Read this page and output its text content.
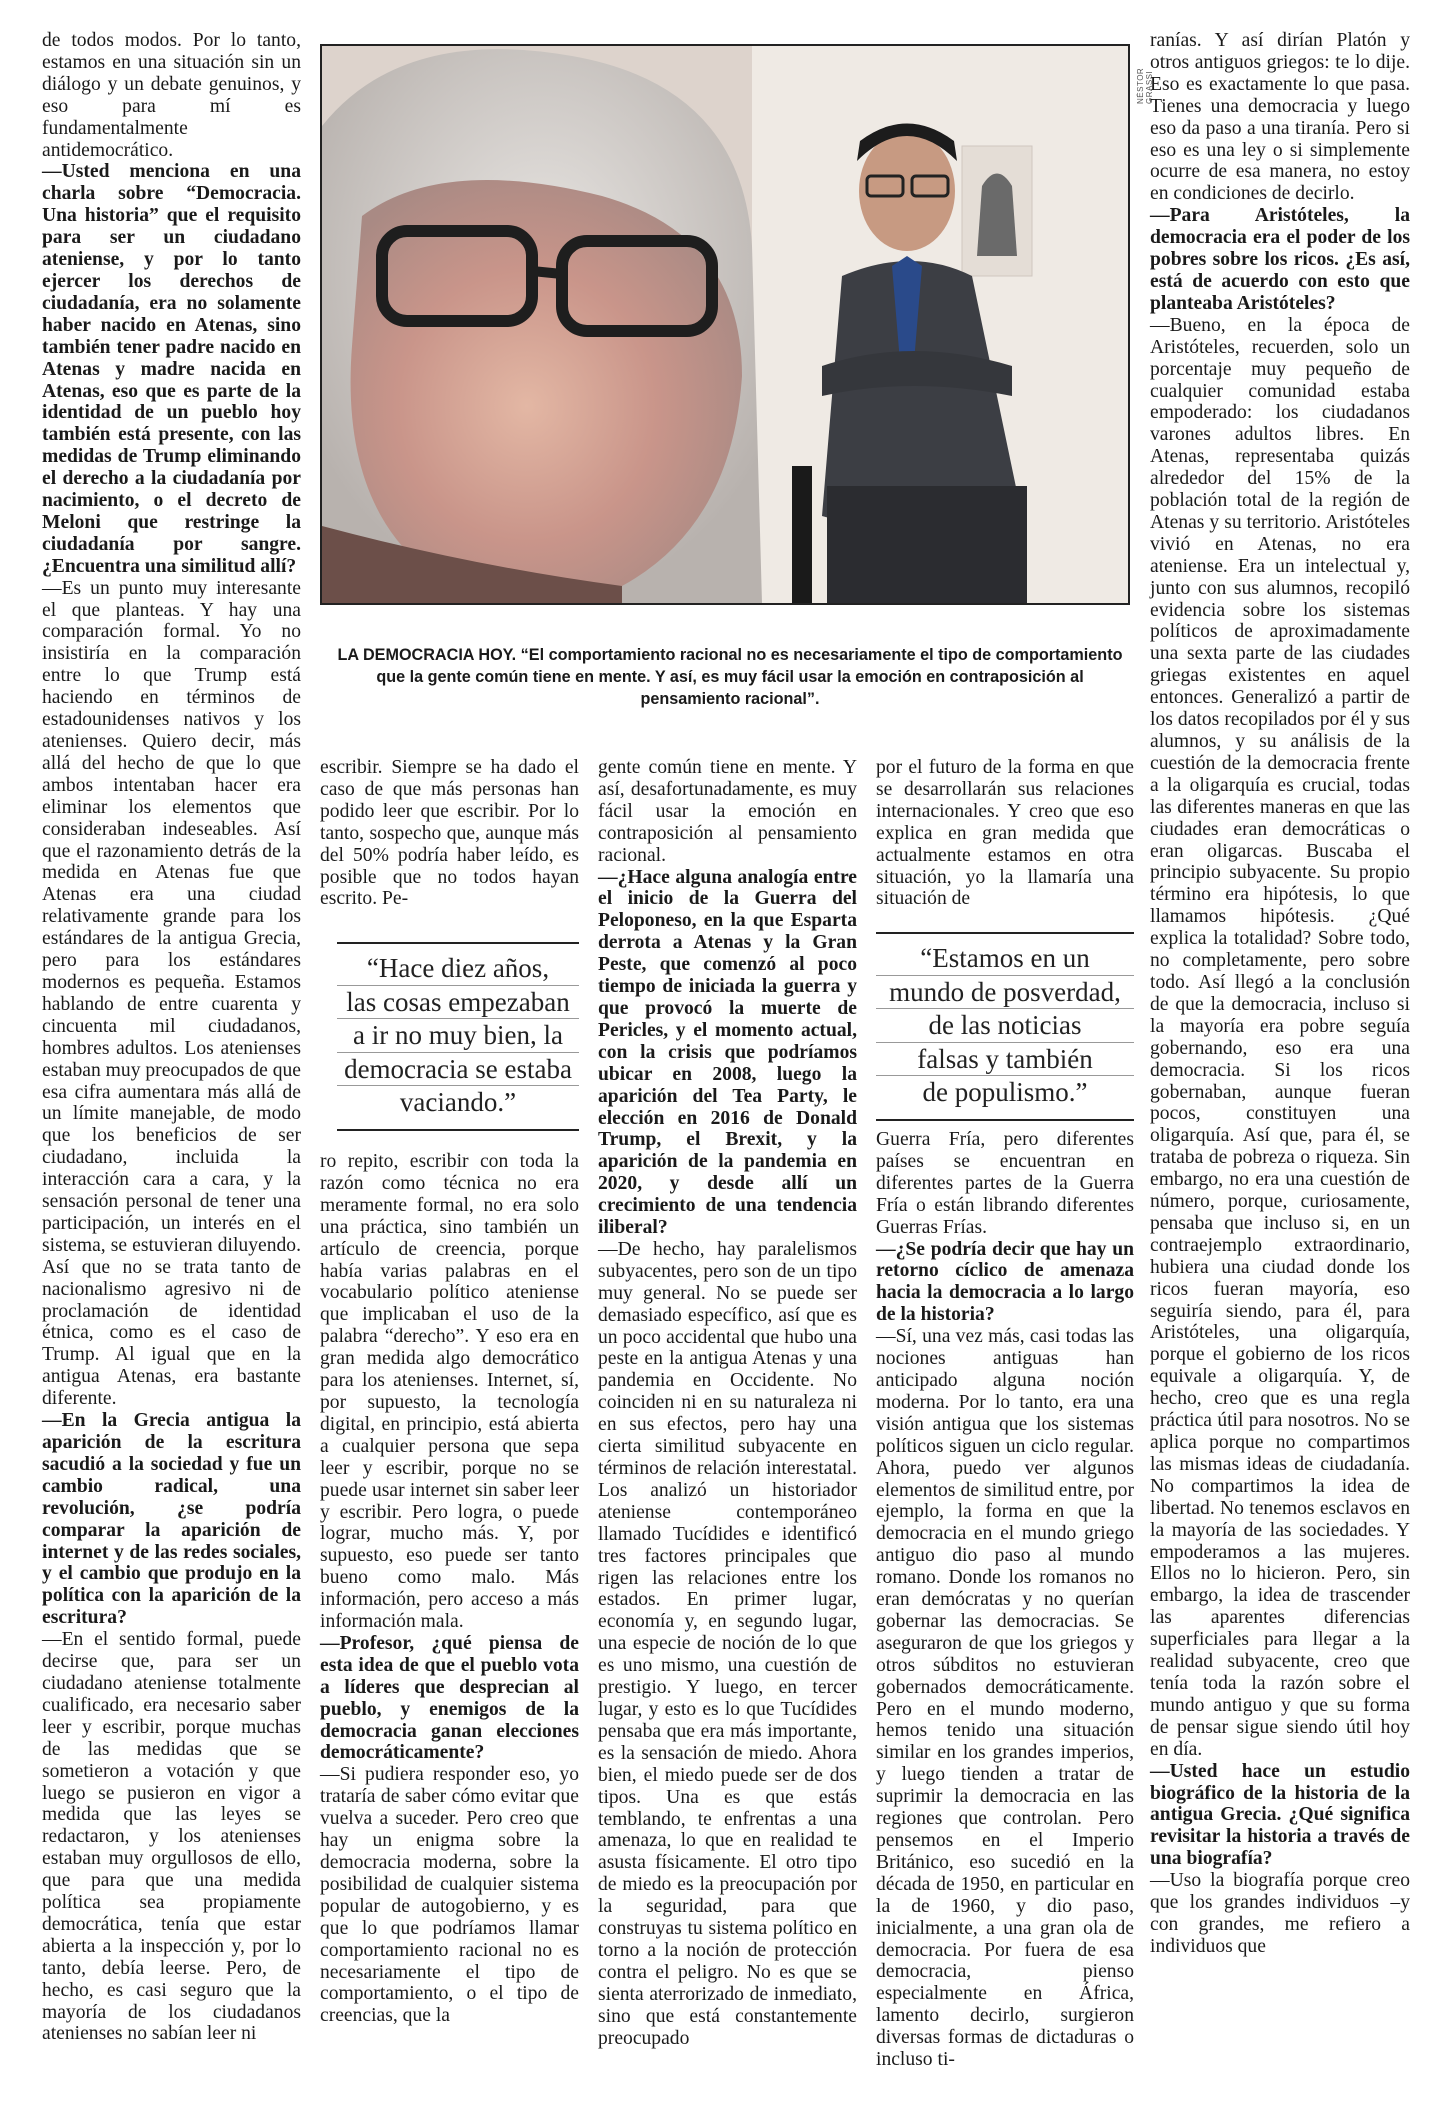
de todos modos. Por lo tanto, estamos en una situación sin un diálogo y un debate genuinos, y eso para mí es fundamentalmente antidemocrático.

—Usted menciona en una charla sobre “Democracia. Una historia” que el requisito para ser un ciudadano ateniense, y por lo tanto ejercer los derechos de ciudadanía, era no solamente haber nacido en Atenas, sino también tener padre nacido en Atenas y madre nacida en Atenas, eso que es parte de la identidad de un pueblo hoy también está presente, con las medidas de Trump eliminando el derecho a la ciudadanía por nacimiento, o el decreto de Meloni que restringe la ciudadanía por sangre. ¿Encuentra una similitud allí?

—Es un punto muy interesante el que planteas. Y hay una comparación formal. Yo no insistiría en la comparación entre lo que Trump está haciendo en términos de estadounidenses nativos y los atenienses. Quiero decir, más allá del hecho de que lo que ambos intentaban hacer era eliminar los elementos que consideraban indeseables. Así que el razonamiento detrás de la medida en Atenas fue que Atenas era una ciudad relativamente grande para los estándares de la antigua Grecia, pero para los estándares modernos es pequeña. Estamos hablando de entre cuarenta y cincuenta mil ciudadanos, hombres adultos. Los atenienses estaban muy preocupados de que esa cifra aumentara más allá de un límite manejable, de modo que los beneficios de ser ciudadano, incluida la interacción cara a cara, y la sensación personal de tener una participación, un interés en el sistema, se estuvieran diluyendo. Así que no se trata tanto de nacionalismo agresivo ni de proclamación de identidad étnica, como es el caso de Trump. Al igual que en la antigua Atenas, era bastante diferente.

—En la Grecia antigua la aparición de la escritura sacudió a la sociedad y fue un cambio radical, una revolución, ¿se podría comparar la aparición de internet y de las redes sociales, y el cambio que produjo en la política con la aparición de la escritura?

—En el sentido formal, puede decirse que, para ser un ciudadano ateniense totalmente cualificado, era necesario saber leer y escribir, porque muchas de las medidas que se sometieron a votación y que luego se pusieron en vigor a medida que las leyes se redactaron, y los atenienses estaban muy orgullosos de ello, que para que una medida política sea propiamente democrática, tenía que estar abierta a la inspección y, por lo tanto, debía leerse. Pero, de hecho, es casi seguro que la mayoría de los ciudadanos atenienses no sabían leer ni

NÉSTOR GRASSI
LA DEMOCRACIA HOY. “El comportamiento racional no es necesariamente el tipo de comportamiento que la gente común tiene en mente. Y así, es muy fácil usar la emoción en contraposición al pensamiento racional”.

escribir. Siempre se ha dado el caso de que más personas han podido leer que escribir. Por lo tanto, sospecho que, aunque más del 50% podría haber leído, es posible que no todos hayan escrito. Pe-

“Hace diez años,
las cosas empezaban
a ir no muy bien, la
democracia se estaba
vaciando.”

ro repito, escribir con toda la razón como técnica no era meramente formal, no era solo una práctica, sino también un artículo de creencia, porque había varias palabras en el vocabulario político ateniense que implicaban el uso de la palabra “derecho”. Y eso era en gran medida algo democrático para los atenienses. Internet, sí, por supuesto, la tecnología digital, en principio, está abierta a cualquier persona que sepa leer y escribir, porque no se puede usar internet sin saber leer y escribir. Pero logra, o puede lograr, mucho más. Y, por supuesto, eso puede ser tanto bueno como malo. Más información, pero acceso a más información mala.

—Profesor, ¿qué piensa de esta idea de que el pueblo vota a líderes que desprecian al pueblo, y enemigos de la democracia ganan elecciones democráticamente?

—Si pudiera responder eso, yo trataría de saber cómo evitar que vuelva a suceder. Pero creo que hay un enigma sobre la democracia moderna, sobre la posibilidad de cualquier sistema popular de autogobierno, y es que lo que podríamos llamar comportamiento racional no es necesariamente el tipo de comportamiento, o el tipo de creencias, que la

gente común tiene en mente. Y así, desafortunadamente, es muy fácil usar la emoción en contraposición al pensamiento racional.

—¿Hace alguna analogía entre el inicio de la Guerra del Peloponeso, en la que Esparta derrota a Atenas y la Gran Peste, que comenzó al poco tiempo de iniciada la guerra y que provocó la muerte de Pericles, y el momento actual, con la crisis que podríamos ubicar en 2008, luego la aparición del Tea Party, le elección en 2016 de Donald Trump, el Brexit, y la aparición de la pandemia en 2020, y desde allí un crecimiento de una tendencia iliberal?

—De hecho, hay paralelismos subyacentes, pero son de un tipo muy general. No se puede ser demasiado específico, así que es un poco accidental que hubo una peste en la antigua Atenas y una pandemia en Occidente. No coinciden ni en su naturaleza ni en sus efectos, pero hay una cierta similitud subyacente en términos de relación interestatal. Los analizó un historiador ateniense contemporáneo llamado Tucídides e identificó tres factores principales que rigen las relaciones entre los estados. En primer lugar, economía y, en segundo lugar, una especie de noción de lo que es uno mismo, una cuestión de prestigio. Y luego, en tercer lugar, y esto es lo que Tucídides pensaba que era más importante, es la sensación de miedo. Ahora bien, el miedo puede ser de dos tipos. Una es que estás temblando, te enfrentas a una amenaza, lo que en realidad te asusta físicamente. El otro tipo de miedo es la preocupación por la seguridad, para que construyas tu sistema político en torno a la noción de protección contra el peligro. No es que se sienta aterrorizado de inmediato, sino que está constantemente preocupado

por el futuro de la forma en que se desarrollarán sus relaciones internacionales. Y creo que eso explica en gran medida que actualmente estamos en otra situación, yo la llamaría una situación de

“Estamos en un
mundo de posverdad,
de las noticias
falsas y también
de populismo.”

Guerra Fría, pero diferentes países se encuentran en diferentes partes de la Guerra Fría o están librando diferentes Guerras Frías.

—¿Se podría decir que hay un retorno cíclico de amenaza hacia la democracia a lo largo de la historia?

—Sí, una vez más, casi todas las nociones antiguas han anticipado alguna noción moderna. Por lo tanto, era una visión antigua que los sistemas políticos siguen un ciclo regular. Ahora, puedo ver algunos elementos de similitud entre, por ejemplo, la forma en que la democracia en el mundo griego antiguo dio paso al mundo romano. Donde los romanos no eran demócratas y no querían gobernar las democracias. Se aseguraron de que los griegos y otros súbditos no estuvieran gobernados democráticamente. Pero en el mundo moderno, hemos tenido una situación similar en los grandes imperios, y luego tienden a tratar de suprimir la democracia en las regiones que controlan. Pero pensemos en el Imperio Británico, eso sucedió en la década de 1950, en particular en la de 1960, y dio paso, inicialmente, a una gran ola de democracia. Por fuera de esa democracia, pienso especialmente en África, lamento decirlo, surgieron diversas formas de dictaduras o incluso ti-

ranías. Y así dirían Platón y otros antiguos griegos: te lo dije. Eso es exactamente lo que pasa. Tienes una democracia y luego eso da paso a una tiranía. Pero si eso es una ley o si simplemente ocurre de esa manera, no estoy en condiciones de decirlo.

—Para Aristóteles, la democracia era el poder de los pobres sobre los ricos. ¿Es así, está de acuerdo con esto que planteaba Aristóteles?

—Bueno, en la época de Aristóteles, recuerden, solo un porcentaje muy pequeño de cualquier comunidad estaba empoderado: los ciudadanos varones adultos libres. En Atenas, representaba quizás alrededor del 15% de la población total de la región de Atenas y su territorio. Aristóteles vivió en Atenas, no era ateniense. Era un intelectual y, junto con sus alumnos, recopiló evidencia sobre los sistemas políticos de aproximadamente una sexta parte de las ciudades griegas existentes en aquel entonces. Generalizó a partir de los datos recopilados por él y sus alumnos, y su análisis de la cuestión de la democracia frente a la oligarquía es crucial, todas las diferentes maneras en que las ciudades eran democráticas o eran oligarcas. Buscaba el principio subyacente. Su propio término era hipótesis, lo que llamamos hipótesis. ¿Qué explica la totalidad? Sobre todo, no completamente, pero sobre todo. Así llegó a la conclusión de que la democracia, incluso si la mayoría era pobre seguía gobernando, eso era una democracia. Si los ricos gobernaban, aunque fueran pocos, constituyen una oligarquía. Así que, para él, se trataba de pobreza o riqueza. Sin embargo, no era una cuestión de número, porque, curiosamente, pensaba que incluso si, en un contraejemplo extraordinario, hubiera una ciudad donde los ricos fueran mayoría, eso seguiría siendo, para él, para Aristóteles, una oligarquía, porque el gobierno de los ricos equivale a oligarquía. Y, de hecho, creo que es una regla práctica útil para nosotros. No se aplica porque no compartimos las mismas ideas de ciudadanía. No compartimos la idea de libertad. No tenemos esclavos en la mayoría de las sociedades. Y empoderamos a las mujeres. Ellos no lo hicieron. Pero, sin embargo, la idea de trascender las aparentes diferencias superficiales para llegar a la realidad subyacente, creo que tenía toda la razón sobre el mundo antiguo y que su forma de pensar sigue siendo útil hoy en día.

—Usted hace un estudio biográfico de la historia de la antigua Grecia. ¿Qué significa revisitar la historia a través de una biografía?

—Uso la biografía porque creo que los grandes individuos –y con grandes, me refiero a individuos que
